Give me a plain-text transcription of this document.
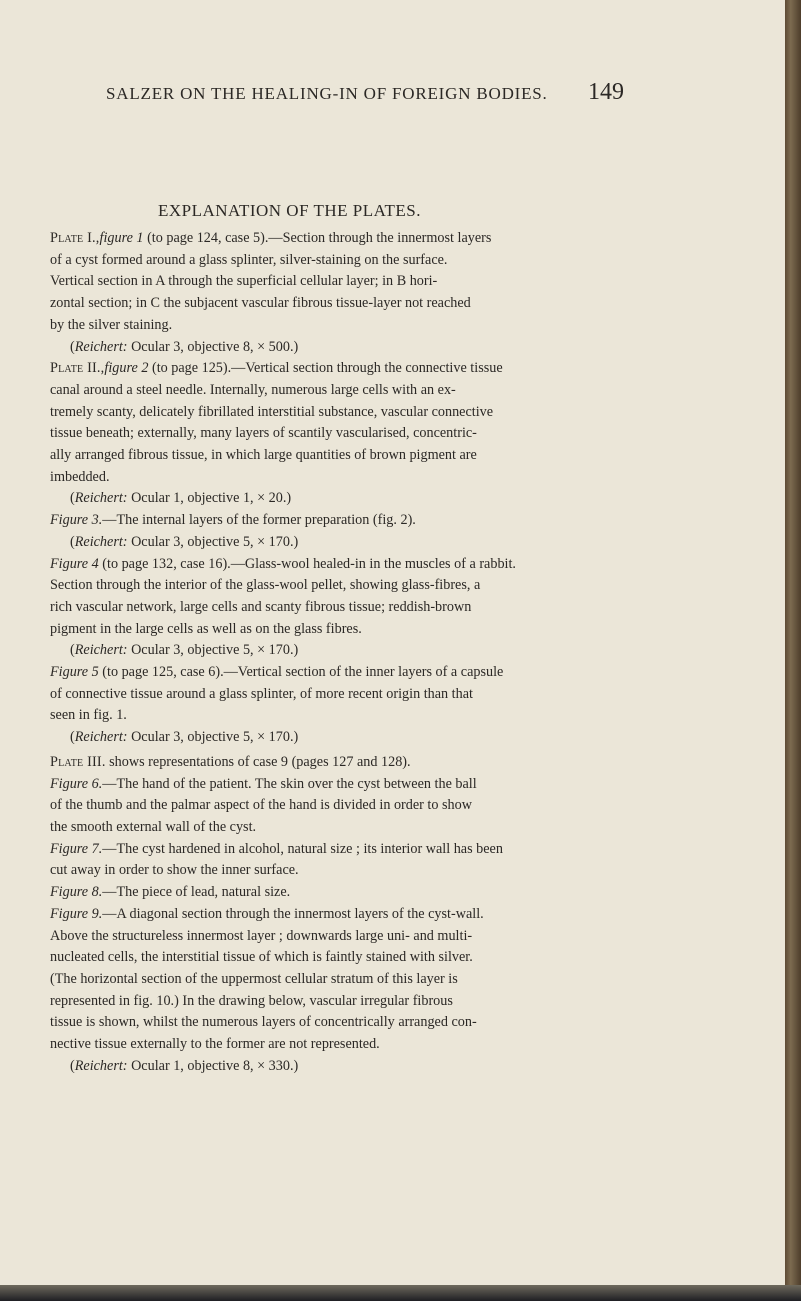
SALZER ON THE HEALING-IN OF FOREIGN BODIES.	149
EXPLANATION OF THE PLATES.
Plate I.,figure 1 (to page 124, case 5).—Section through the innermost layers
of a cyst formed around a glass splinter, silver-staining on the surface.
Vertical section in A through the superficial cellular layer; in B hori-
zontal section; in C the subjacent vascular fibrous tissue-layer not reached
by the silver staining.
(Reichert: Ocular 3, objective 8, × 500.)
Plate II.,figure 2 (to page 125).—Vertical section through the connective tissue
canal around a steel needle. Internally, numerous large cells with an ex-
tremely scanty, delicately fibrillated interstitial substance, vascular connective
tissue beneath; externally, many layers of scantily vascularised, concentric-
ally arranged fibrous tissue, in which large quantities of brown pigment are
imbedded.
(Reichert: Ocular 1, objective 1, × 20.)
Figure 3.—The internal layers of the former preparation (fig. 2).
(Reichert: Ocular 3, objective 5, × 170.)
Figure 4 (to page 132, case 16).—Glass-wool healed-in in the muscles of a rabbit.
Section through the interior of the glass-wool pellet, showing glass-fibres, a
rich vascular network, large cells and scanty fibrous tissue; reddish-brown
pigment in the large cells as well as on the glass fibres.
(Reichert: Ocular 3, objective 5, × 170.)
Figure 5 (to page 125, case 6).—Vertical section of the inner layers of a capsule
of connective tissue around a glass splinter, of more recent origin than that
seen in fig. 1.
(Reichert: Ocular 3, objective 5, × 170.)
Plate III. shows representations of case 9 (pages 127 and 128).
Figure 6.—The hand of the patient. The skin over the cyst between the ball
of the thumb and the palmar aspect of the hand is divided in order to show
the smooth external wall of the cyst.
Figure 7.—The cyst hardened in alcohol, natural size ; its interior wall has been
cut away in order to show the inner surface.
Figure 8.—The piece of lead, natural size.
Figure 9.—A diagonal section through the innermost layers of the cyst-wall.
Above the structureless innermost layer ; downwards large uni- and multi-
nucleated cells, the interstitial tissue of which is faintly stained with silver.
(The horizontal section of the uppermost cellular stratum of this layer is
represented in fig. 10.) In the drawing below, vascular irregular fibrous
tissue is shown, whilst the numerous layers of concentrically arranged con-
nective tissue externally to the former are not represented.
(Reichert: Ocular 1, objective 8, × 330.)
